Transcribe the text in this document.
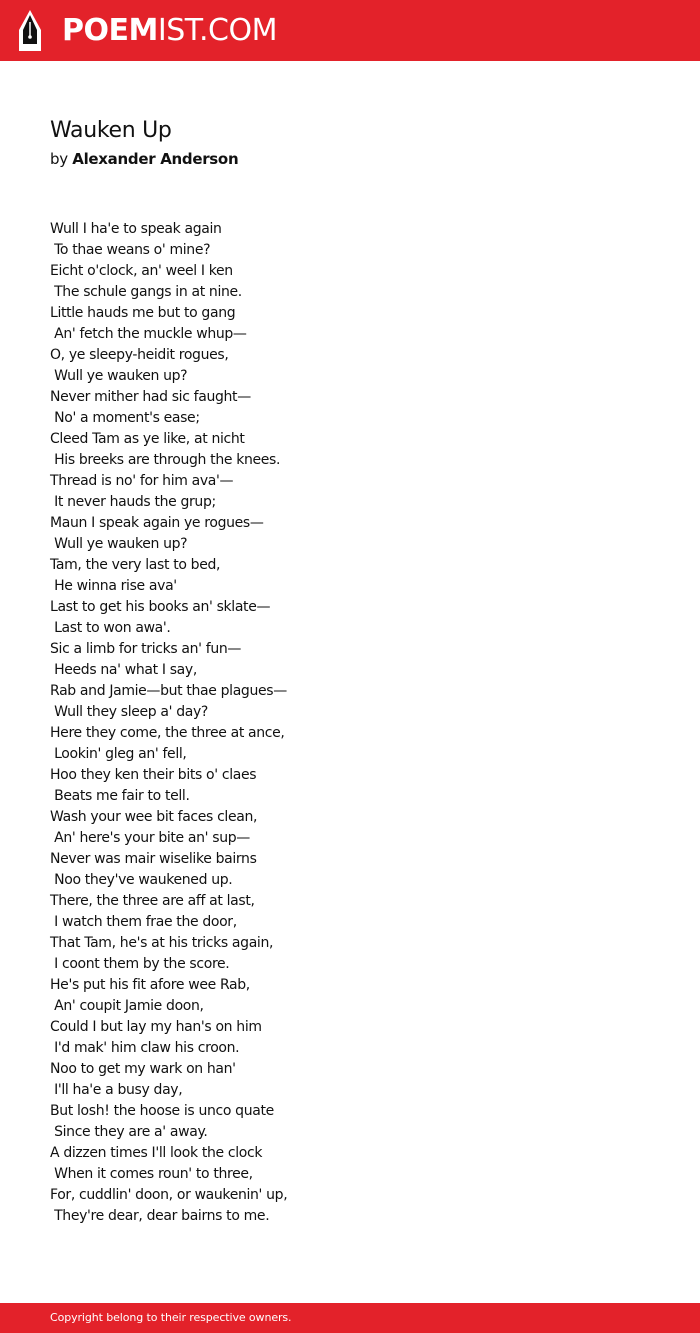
POEMIST.COM
Wauken Up
by Alexander Anderson
Wull I ha'e to speak again
To thae weans o' mine?
Eicht o'clock, an' weel I ken
The schule gangs in at nine.
Little hauds me but to gang
An' fetch the muckle whup—
O, ye sleepy-heidit rogues,
Wull ye wauken up?
Never mither had sic faught—
No' a moment's ease;
Cleed Tam as ye like, at nicht
His breeks are through the knees.
Thread is no' for him ava'—
It never hauds the grup;
Maun I speak again ye rogues—
Wull ye wauken up?
Tam, the very last to bed,
He winna rise ava'
Last to get his books an' sklate—
Last to won awa'.
Sic a limb for tricks an' fun—
Heeds na' what I say,
Rab and Jamie—but thae plagues—
Wull they sleep a' day?
Here they come, the three at ance,
Lookin' gleg an' fell,
Hoo they ken their bits o' claes
Beats me fair to tell.
Wash your wee bit faces clean,
An' here's your bite an' sup—
Never was mair wiselike bairns
Noo they've waukened up.
There, the three are aff at last,
I watch them frae the door,
That Tam, he's at his tricks again,
I coont them by the score.
He's put his fit afore wee Rab,
An' coupit Jamie doon,
Could I but lay my han's on him
I'd mak' him claw his croon.
Noo to get my wark on han'
I'll ha'e a busy day,
But losh! the hoose is unco quate
Since they are a' away.
A dizzen times I'll look the clock
When it comes roun' to three,
For, cuddlin' doon, or waukenin' up,
They're dear, dear bairns to me.
Copyright belong to their respective owners.
